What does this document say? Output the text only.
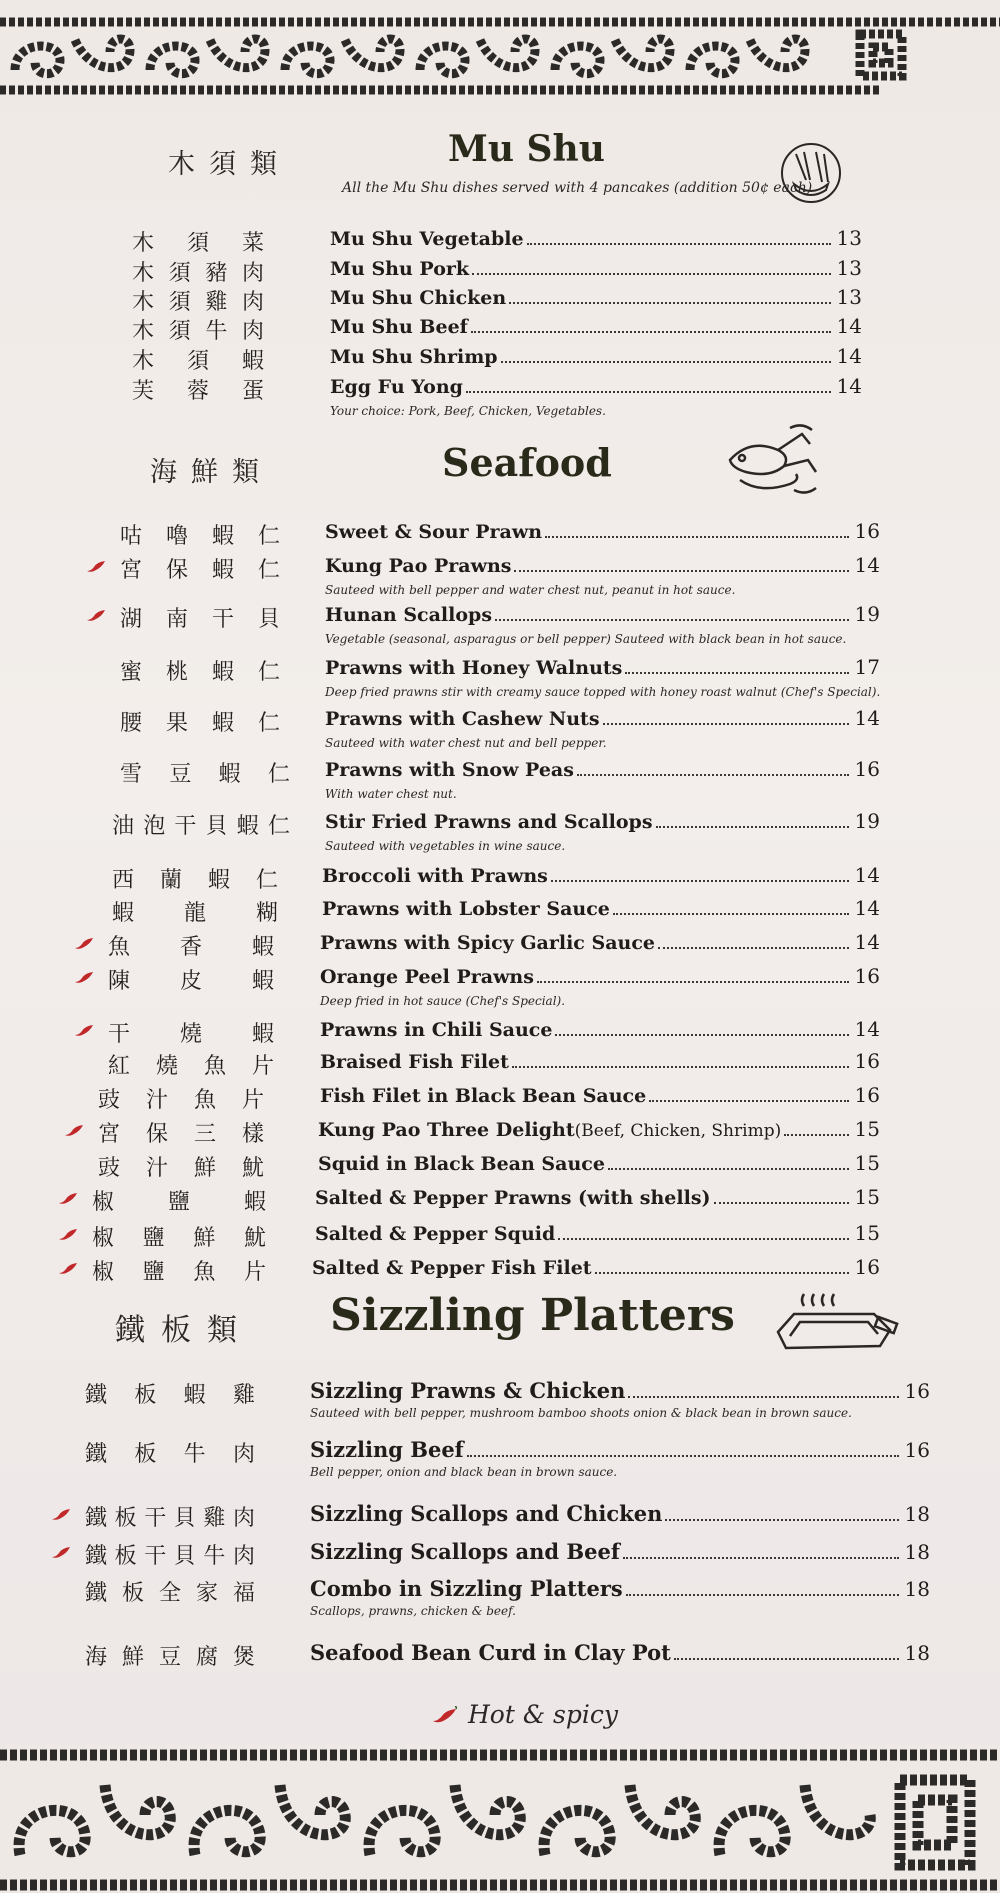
木須類	Mu Shu
All the Mu Shu dishes served with 4 pancakes (addition 50¢ each)
木 須 菜	Mu Shu Vegetable	13
木 須 豬 肉	Mu Shu Pork	13
木 須 雞 肉	Mu Shu Chicken	13
木 須 牛 肉	Mu Shu Beef	14
木 須 蝦	Mu Shu Shrimp	14
芙 蓉 蛋	Egg Fu Yong	14
Your choice: Pork, Beef, Chicken, Vegetables.
海鮮類	Seafood
咕 嚕 蝦 仁 Sweet & Sour Prawn	16
宮 保 蝦 仁 Kung Pao Prawns	14
Sauteed with bell pepper and water chest nut, peanut in hot sauce.
湖 南 干 貝 Hunan Scallops	19
Vegetable (seasonal, asparagus or bell pepper) Sauteed with black bean in hot sauce.
蜜 桃 蝦 仁 Prawns with Honey Walnuts	17
Deep fried prawns stir with creamy sauce topped with honey roast walnut (Chef's Special).
腰 果 蝦 仁 Prawns with Cashew Nuts	14
Sauteed with water chest nut and bell pepper.
雪 豆 蝦 仁 Prawns with Snow Peas	16
With water chest nut.
油 泡 干 貝 蝦 仁 Stir Fried Prawns and Scallops	19
Sauteed with vegetables in wine sauce.
西 蘭 蝦 仁 Broccoli with Prawns	14
蝦 龍 糊 Prawns with Lobster Sauce	14
魚 香 蝦 Prawns with Spicy Garlic Sauce	14
陳 皮 蝦 Orange Peel Prawns	16
Deep fried in hot sauce (Chef's Special).
干 燒 蝦 Prawns in Chili Sauce	14
紅 燒 魚 片 Braised Fish Filet	16
豉 汁 魚 片	Fish Filet in Black Bean Sauce	16
宮 保 三 樣	Kung Pao Three Delight (Beef, Chicken, Shrimp)	15
豉 汁 鮮 魷	Squid in Black Bean Sauce	15
椒 鹽 蝦	Salted & Pepper Prawns (with shells)	15
椒 鹽 鮮 魷	Salted & Pepper Squid	15
椒 鹽 魚 片 Salted & Pepper Fish Filet	16
鐵板類 Sizzling Platters
鐵 板 蝦 雞	Sizzling Prawns & Chicken	16
Sauteed with bell pepper, mushroom bamboo shoots onion & black bean in brown sauce.
鐵 板 牛 肉	Sizzling Beef	16
Bell pepper, onion and black bean in brown sauce.
鐵 板 干 貝 雞 肉	Sizzling Scallops and Chicken	18
鐵 板 干 貝 牛 肉	Sizzling Scallops and Beef	18
鐵 板 全 家 福	Combo in Sizzling Platters	18
Scallops, prawns, chicken & beef.
海 鮮 豆 腐 煲	Seafood Bean Curd in Clay Pot	18
Hot & spicy
